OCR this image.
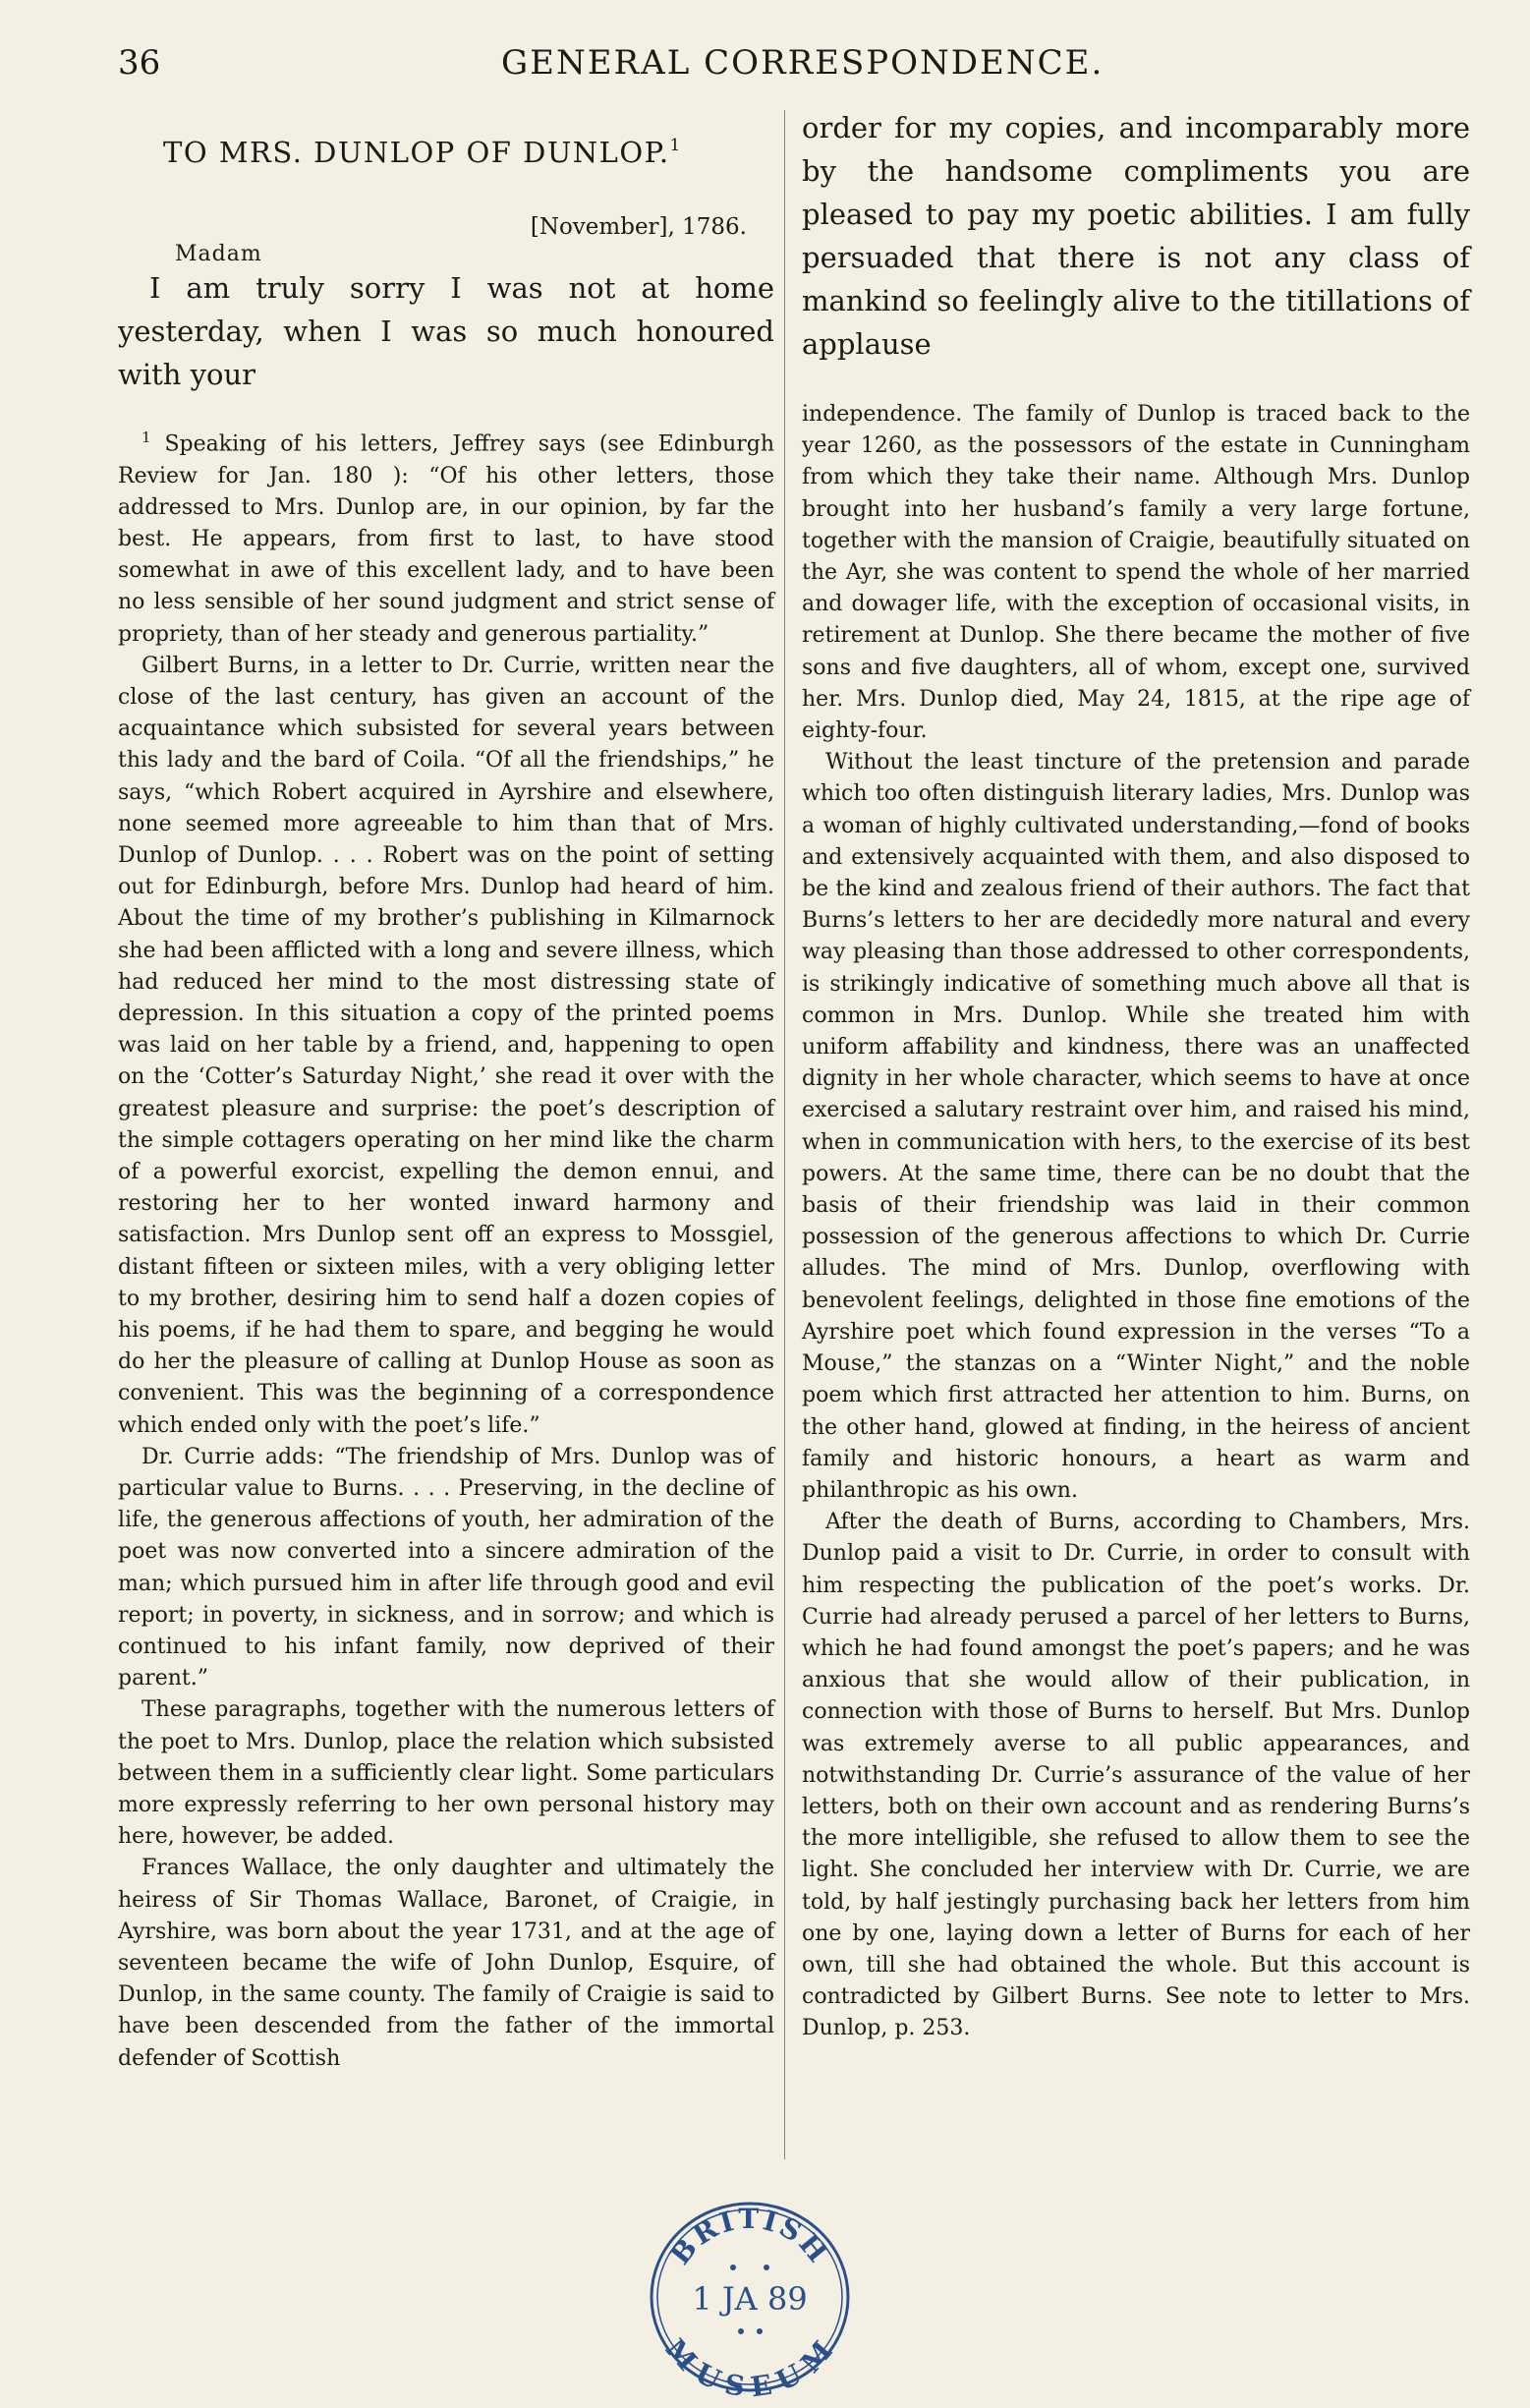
36	GENERAL CORRESPONDENCE.
TO MRS. DUNLOP OF DUNLOP.$^1$
[November], 1786.
Madam

I am truly sorry I was not at home yesterday, when I was so much honoured with your

$^1$ Speaking of his letters, Jeffrey says (see Edinburgh Review for Jan. 180 ): “Of his other letters, those addressed to Mrs. Dunlop are, in our opinion, by far the best. He appears, from first to last, to have stood somewhat in awe of this excellent lady, and to have been no less sensible of her sound judgment and strict sense of propriety, than of her steady and generous partiality.”

Gilbert Burns, in a letter to Dr. Currie, written near the close of the last century, has given an account of the acquaintance which subsisted for several years between this lady and the bard of Coila. “Of all the friendships,” he says, “which Robert acquired in Ayrshire and elsewhere, none seemed more agreeable to him than that of Mrs. Dunlop of Dunlop. . . . Robert was on the point of setting out for Edinburgh, before Mrs. Dunlop had heard of him. About the time of my brother’s publishing in Kilmarnock she had been afflicted with a long and severe illness, which had reduced her mind to the most distressing state of depression. In this situation a copy of the printed poems was laid on her table by a friend, and, happening to open on the ‘Cotter’s Saturday Night,’ she read it over with the greatest pleasure and surprise: the poet’s description of the simple cottagers operating on her mind like the charm of a powerful exorcist, expelling the demon ennui, and restoring her to her wonted inward harmony and satisfaction. Mrs Dunlop sent off an express to Mossgiel, distant fifteen or sixteen miles, with a very obliging letter to my brother, desiring him to send half a dozen copies of his poems, if he had them to spare, and begging he would do her the pleasure of calling at Dunlop House as soon as convenient. This was the beginning of a correspondence which ended only with the poet’s life.”

Dr. Currie adds: “The friendship of Mrs. Dunlop was of particular value to Burns. . . . Preserving, in the decline of life, the generous affections of youth, her admiration of the poet was now converted into a sincere admiration of the man; which pursued him in after life through good and evil report; in poverty, in sickness, and in sorrow; and which is continued to his infant family, now deprived of their parent.”

These paragraphs, together with the numerous letters of the poet to Mrs. Dunlop, place the relation which subsisted between them in a sufficiently clear light. Some particulars more expressly referring to her own personal history may here, however, be added.

Frances Wallace, the only daughter and ultimately the heiress of Sir Thomas Wallace, Baronet, of Craigie, in Ayrshire, was born about the year 1731, and at the age of seventeen became the wife of John Dunlop, Esquire, of Dunlop, in the same county. The family of Craigie is said to have been descended from the father of the immortal defender of Scottish

order for my copies, and incomparably more by the handsome compliments you are pleased to pay my poetic abilities. I am fully persuaded that there is not any class of mankind so feelingly alive to the titillations of applause

independence. The family of Dunlop is traced back to the year 1260, as the possessors of the estate in Cunningham from which they take their name. Although Mrs. Dunlop brought into her husband’s family a very large fortune, together with the mansion of Craigie, beautifully situated on the Ayr, she was content to spend the whole of her married and dowager life, with the exception of occasional visits, in retirement at Dunlop. She there became the mother of five sons and five daughters, all of whom, except one, survived her. Mrs. Dunlop died, May 24, 1815, at the ripe age of eighty-four.

Without the least tincture of the pretension and parade which too often distinguish literary ladies, Mrs. Dunlop was a woman of highly cultivated understanding,—fond of books and extensively acquainted with them, and also disposed to be the kind and zealous friend of their authors. The fact that Burns’s letters to her are decidedly more natural and every way pleasing than those addressed to other correspondents, is strikingly indicative of something much above all that is common in Mrs. Dunlop. While she treated him with uniform affability and kindness, there was an unaffected dignity in her whole character, which seems to have at once exercised a salutary restraint over him, and raised his mind, when in communication with hers, to the exercise of its best powers. At the same time, there can be no doubt that the basis of their friendship was laid in their common possession of the generous affections to which Dr. Currie alludes. The mind of Mrs. Dunlop, overflowing with benevolent feelings, delighted in those fine emotions of the Ayrshire poet which found expression in the verses “To a Mouse,” the stanzas on a “Winter Night,” and the noble poem which first attracted her attention to him. Burns, on the other hand, glowed at finding, in the heiress of ancient family and historic honours, a heart as warm and philanthropic as his own.

After the death of Burns, according to Chambers, Mrs. Dunlop paid a visit to Dr. Currie, in order to consult with him respecting the publication of the poet’s works. Dr. Currie had already perused a parcel of her letters to Burns, which he had found amongst the poet’s papers; and he was anxious that she would allow of their publication, in connection with those of Burns to herself. But Mrs. Dunlop was extremely averse to all public appearances, and notwithstanding Dr. Currie’s assurance of the value of her letters, both on their own account and as rendering Burns’s the more intelligible, she refused to allow them to see the light. She concluded her interview with Dr. Currie, we are told, by half jestingly purchasing back her letters from him one by one, laying down a letter of Burns for each of her own, till she had obtained the whole. But this account is contradicted by Gilbert Burns. See note to letter to Mrs. Dunlop, p. 253.

BRITISH
1 JA 89
MUSEUM
